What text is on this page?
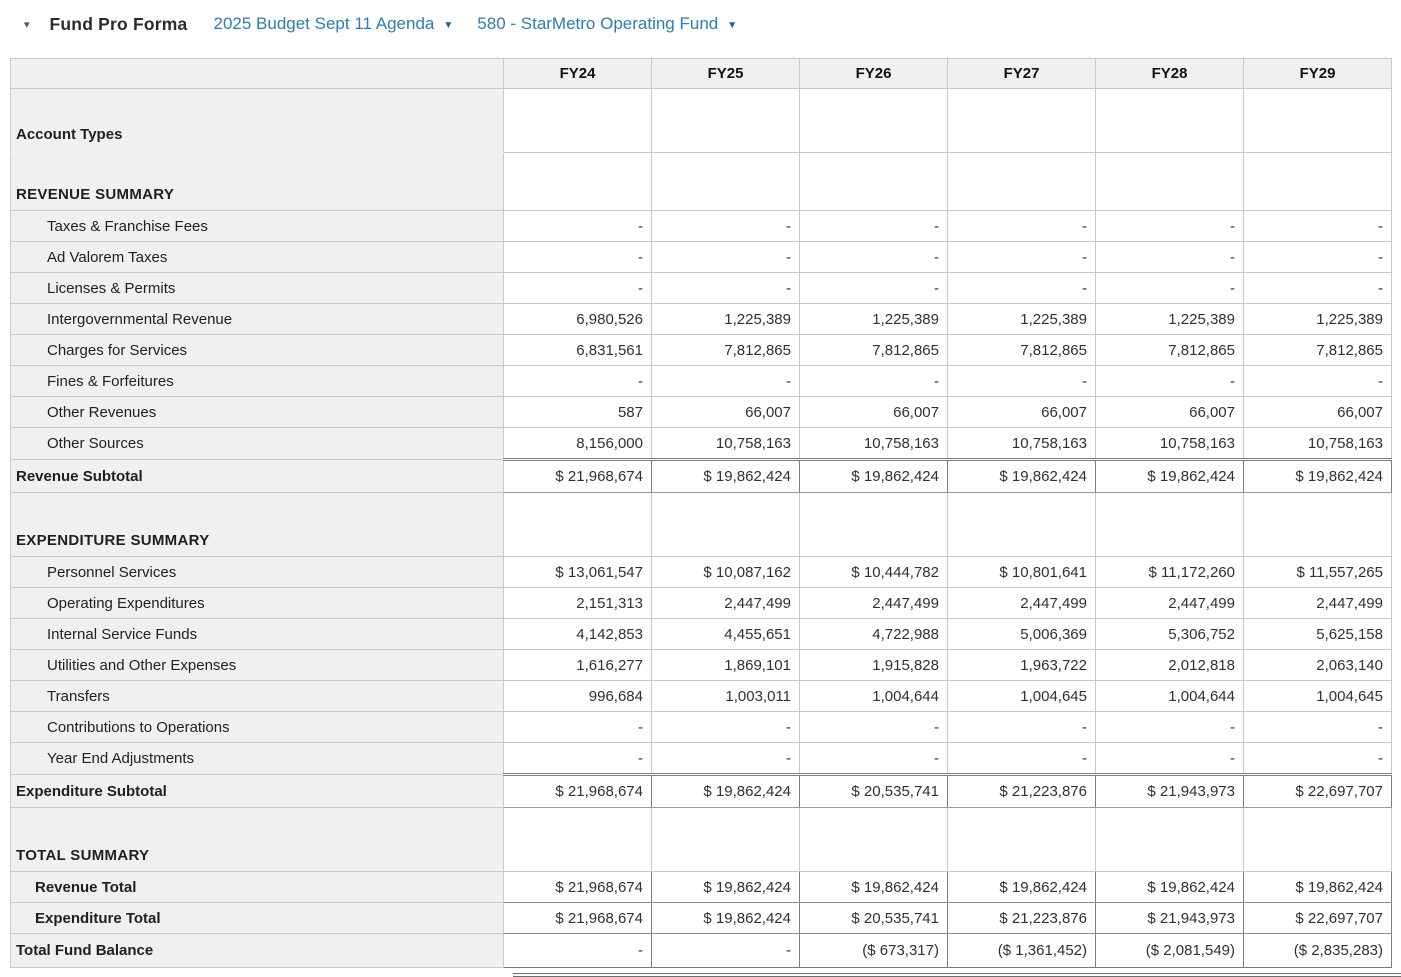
▾ Fund Pro Forma 2025 Budget Sept 11 Agenda ▼ 580 - StarMetro Operating Fund ▼
	FY24	FY25	FY26	FY27	FY28	FY29
Account Types						
REVENUE SUMMARY						
Taxes & Franchise Fees	-	-	-	-	-	-
Ad Valorem Taxes	-	-	-	-	-	-
Licenses & Permits	-	-	-	-	-	-
Intergovernmental Revenue	6,980,526	1,225,389	1,225,389	1,225,389	1,225,389	1,225,389
Charges for Services	6,831,561	7,812,865	7,812,865	7,812,865	7,812,865	7,812,865
Fines & Forfeitures	-	-	-	-	-	-
Other Revenues	587	66,007	66,007	66,007	66,007	66,007
Other Sources	8,156,000	10,758,163	10,758,163	10,758,163	10,758,163	10,758,163
Revenue Subtotal	$ 21,968,674	$ 19,862,424	$ 19,862,424	$ 19,862,424	$ 19,862,424	$ 19,862,424
EXPENDITURE SUMMARY						
Personnel Services	$ 13,061,547	$ 10,087,162	$ 10,444,782	$ 10,801,641	$ 11,172,260	$ 11,557,265
Operating Expenditures	2,151,313	2,447,499	2,447,499	2,447,499	2,447,499	2,447,499
Internal Service Funds	4,142,853	4,455,651	4,722,988	5,006,369	5,306,752	5,625,158
Utilities and Other Expenses	1,616,277	1,869,101	1,915,828	1,963,722	2,012,818	2,063,140
Transfers	996,684	1,003,011	1,004,644	1,004,645	1,004,644	1,004,645
Contributions to Operations	-	-	-	-	-	-
Year End Adjustments	-	-	-	-	-	-
Expenditure Subtotal	$ 21,968,674	$ 19,862,424	$ 20,535,741	$ 21,223,876	$ 21,943,973	$ 22,697,707
TOTAL SUMMARY						
Revenue Total	$ 21,968,674	$ 19,862,424	$ 19,862,424	$ 19,862,424	$ 19,862,424	$ 19,862,424
Expenditure Total	$ 21,968,674	$ 19,862,424	$ 20,535,741	$ 21,223,876	$ 21,943,973	$ 22,697,707
Total Fund Balance	-	-	($ 673,317)	($ 1,361,452)	($ 2,081,549)	($ 2,835,283)
